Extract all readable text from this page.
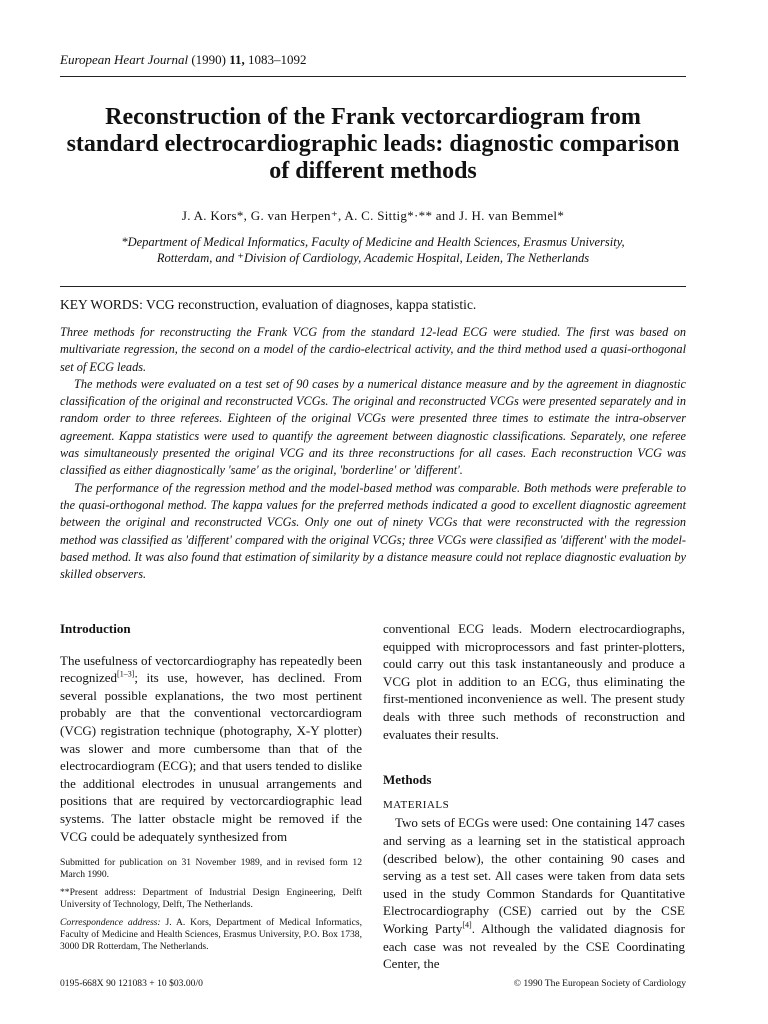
European Heart Journal (1990) 11, 1083–1092
Reconstruction of the Frank vectorcardiogram from standard electrocardiographic leads: diagnostic comparison of different methods
J. A. Kors*, G. van Herpen⁺, A. C. Sittig*·** and J. H. van Bemmel*
*Department of Medical Informatics, Faculty of Medicine and Health Sciences, Erasmus University,
Rotterdam, and ⁺Division of Cardiology, Academic Hospital, Leiden, The Netherlands
KEY WORDS: VCG reconstruction, evaluation of diagnoses, kappa statistic.

Three methods for reconstructing the Frank VCG from the standard 12-lead ECG were studied. The first was based on multivariate regression, the second on a model of the cardio-electrical activity, and the third method used a quasi-orthogonal set of ECG leads.

The methods were evaluated on a test set of 90 cases by a numerical distance measure and by the agreement in diagnostic classification of the original and reconstructed VCGs. The original and reconstructed VCGs were presented separately and in random order to three referees. Eighteen of the original VCGs were presented three times to estimate the intra-observer agreement. Kappa statistics were used to quantify the agreement between diagnostic classifications. Separately, one referee was simultaneously presented the original VCG and its three reconstructions for all cases. Each reconstruction VCG was classified as either diagnostically 'same' as the original, 'borderline' or 'different'.

The performance of the regression method and the model-based method was comparable. Both methods were preferable to the quasi-orthogonal method. The kappa values for the preferred methods indicated a good to excellent diagnostic agreement between the original and reconstructed VCGs. Only one out of ninety VCGs that were reconstructed with the regression method was classified as 'different' compared with the original VCGs; three VCGs were classified as 'different' with the model-based method. It was also found that estimation of similarity by a distance measure could not replace diagnostic evaluation by skilled observers.

Introduction

The usefulness of vectorcardiography has repeatedly been recognized[1–3]; its use, however, has declined. From several possible explanations, the two most pertinent probably are that the conventional vectorcardiogram (VCG) registration technique (photography, X-Y plotter) was slower and more cumbersome than that of the electrocardiogram (ECG); and that users tended to dislike the additional electrodes in unusual arrangements and positions that are required by vectorcardiographic lead systems. The latter obstacle might be removed if the VCG could be adequately synthesized from

Submitted for publication on 31 November 1989, and in revised form 12 March 1990.

**Present address: Department of Industrial Design Engineering, Delft University of Technology, Delft, The Netherlands.

Correspondence address: J. A. Kors, Department of Medical Informatics, Faculty of Medicine and Health Sciences, Erasmus University, P.O. Box 1738, 3000 DR Rotterdam, The Netherlands.

conventional ECG leads. Modern electrocardiographs, equipped with microprocessors and fast printer-plotters, could carry out this task instantaneously and produce a VCG plot in addition to an ECG, thus eliminating the first-mentioned inconvenience as well. The present study deals with three such methods of reconstruction and evaluates their results.

Methods
MATERIALS

Two sets of ECGs were used: One containing 147 cases and serving as a learning set in the statistical approach (described below), the other containing 90 cases and serving as a test set. All cases were taken from data sets used in the study Common Standards for Quantitative Electrocardiography (CSE) carried out by the CSE Working Party[4]. Although the validated diagnosis for each case was not revealed by the CSE Coordinating Center, the

0195-668X 90 121083 + 10 $03.00/0	© 1990 The European Society of Cardiology
